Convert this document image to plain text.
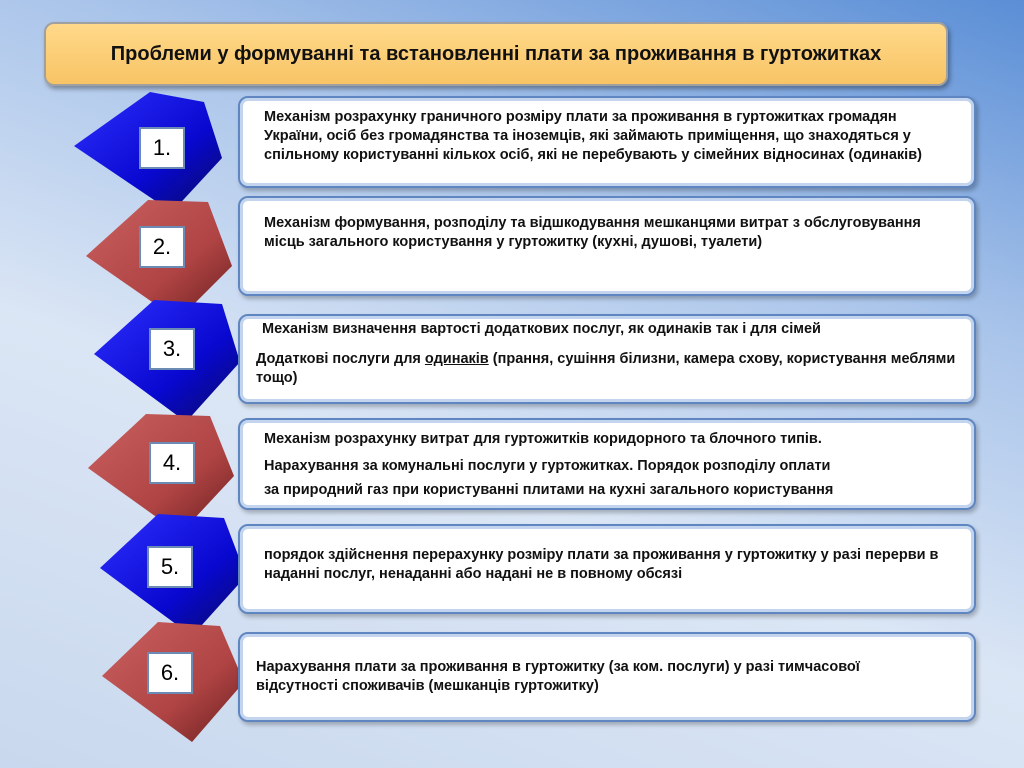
Проблеми у формуванні та встановленні плати за проживання в гуртожитках
1.

Механізм розрахунку граничного розміру плати за проживання в гуртожитках громадян України, осіб без громадянства та іноземців, які займають приміщення, що знаходяться у спільному користуванні кількох осіб, які не перебувають у сімейних відносинах (одинаків)

2.

Механізм формування, розподілу та відшкодування мешканцями витрат з обслуговування місць загального користування у гуртожитку (кухні, душові, туалети)

3.

Механізм визначення вартості додаткових послуг, як одинаків так і для сімей

Додаткові послуги для одинаків (прання, сушіння білизни, камера схову, користування меблями тощо)

4.

Механізм розрахунку витрат для гуртожитків коридорного та блочного типів.

Нарахування за комунальні послуги у гуртожитках. Порядок розподілу оплати

за природний газ при користуванні плитами на кухні загального користування

5.	порядок здійснення перерахунку розміру плати за проживання у гуртожитку у разі перерви в наданні послуг, ненаданні або надані не в повному обсязі

6.	Нарахування плати за проживання в гуртожитку (за ком. послуги) у разі тимчасової відсутності споживачів (мешканців гуртожитку)
